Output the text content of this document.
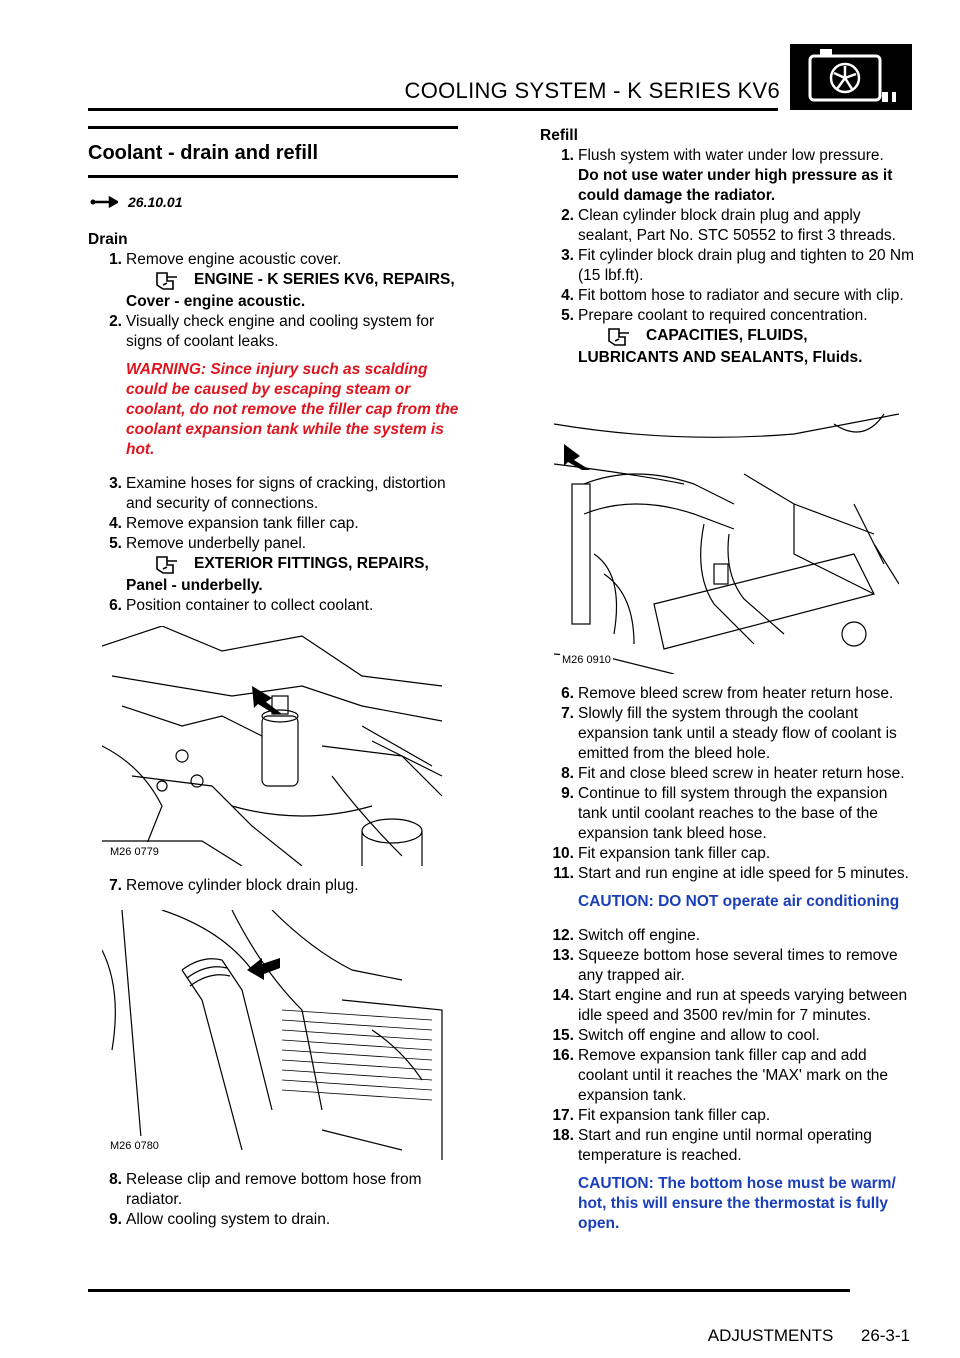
COOLING SYSTEM - K SERIES KV6
Coolant - drain and refill
26.10.01
Drain
1. Remove engine acoustic cover.
ENGINE - K SERIES KV6, REPAIRS,
Cover - engine acoustic.
2. Visually check engine and cooling system for signs of coolant leaks.
WARNING: Since injury such as scalding could be caused by escaping steam or coolant, do not remove the filler cap from the coolant expansion tank while the system is hot.
3. Examine hoses for signs of cracking, distortion and security of connections.
4. Remove expansion tank filler cap.
5. Remove underbelly panel.
EXTERIOR FITTINGS, REPAIRS,
Panel - underbelly.
6. Position container to collect coolant.
M26 0779
7. Remove cylinder block drain plug.
M26 0780
8. Release clip and remove bottom hose from radiator.
9. Allow cooling system to drain.
Refill
1. Flush system with water under low pressure.
Do not use water under high pressure as it could damage the radiator.
2. Clean cylinder block drain plug and apply sealant, Part No. STC 50552 to first 3 threads.
3. Fit cylinder block drain plug and tighten to 20 Nm (15 lbf.ft).
4. Fit bottom hose to radiator and secure with clip.
5. Prepare coolant to required concentration.
CAPACITIES, FLUIDS,
LUBRICANTS AND SEALANTS, Fluids.
M26 0910
6. Remove bleed screw from heater return hose.
7. Slowly fill the system through the coolant expansion tank until a steady flow of coolant is emitted from the bleed hole.
8. Fit and close bleed screw in heater return hose.
9. Continue to fill system through the expansion tank until coolant reaches to the base of the expansion tank bleed hose.
10. Fit expansion tank filler cap.
11. Start and run engine at idle speed for 5 minutes.
CAUTION: DO NOT operate air conditioning
12. Switch off engine.
13. Squeeze bottom hose several times to remove any trapped air.
14. Start engine and run at speeds varying between idle speed and 3500 rev/min for 7 minutes.
15. Switch off engine and allow to cool.
16. Remove expansion tank filler cap and add coolant until it reaches the 'MAX' mark on the expansion tank.
17. Fit expansion tank filler cap.
18. Start and run engine until normal operating temperature is reached.
CAUTION: The bottom hose must be warm/ hot, this will ensure the thermostat is fully open.
ADJUSTMENTS 26-3-1
